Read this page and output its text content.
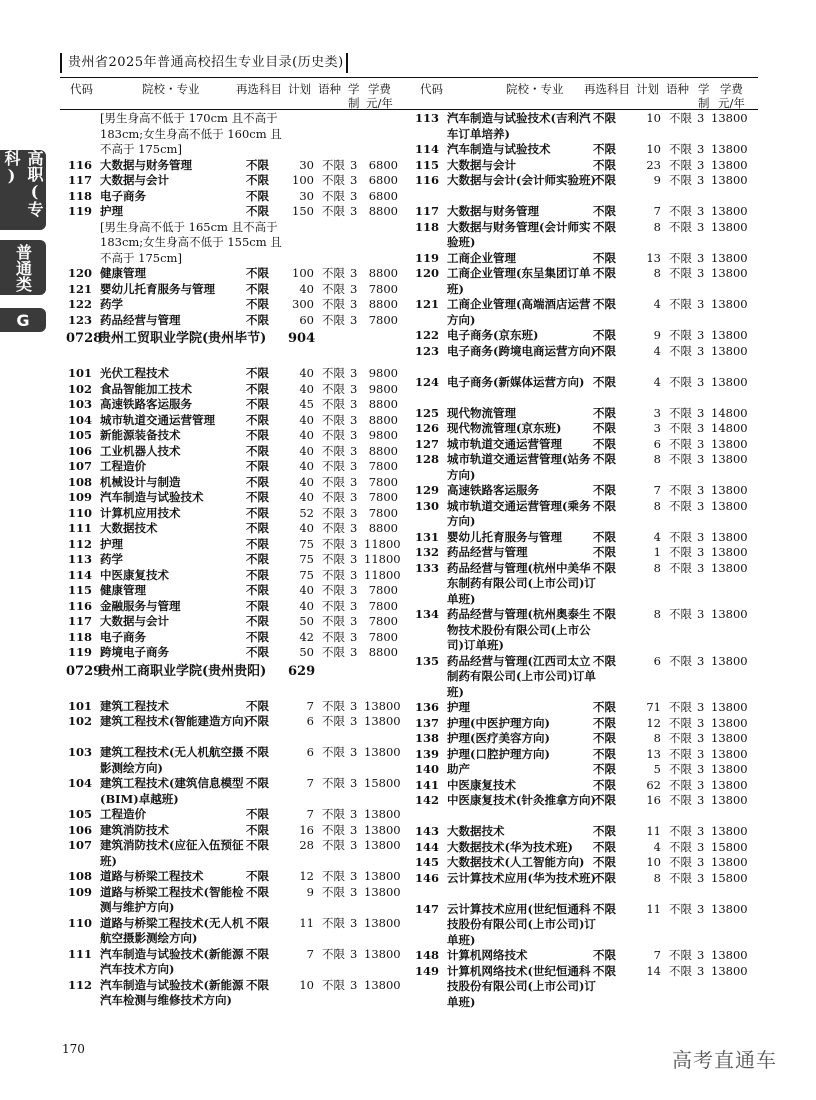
贵州省2025年普通高校招生专业目录(历史类)
代码	院校・专业	再选科目 计划 语种 学
制
学费
元/年
代码	院校・专业 再选科目 计划 语种 学
制
学费
元/年
高职(专科)
普通类
G
[男生身高不低于 170cm 且不高于 183cm;女生身高不低于 160cm 且不高于 175cm]
116 大数据与财务管理	不限	30 不限 3 6800
117 大数据与会计	不限	100 不限 3 6800
118 电子商务	不限	30 不限 3 6800
119 护理	不限	150 不限 3 8800
[男生身高不低于 165cm 且不高于 183cm;女生身高不低于 155cm 且不高于 175cm]
120 健康管理	不限	100 不限 3 8800
121 婴幼儿托育服务与管理	不限	40 不限 3 7800
122 药学	不限	300 不限 3 8800
123 药品经营与管理	不限	60 不限 3 7800
0728
贵州工贸职业学院(贵州毕节)	904
101 光伏工程技术	不限	40 不限 3 9800
102 食品智能加工技术	不限	40 不限 3 9800
103 高速铁路客运服务	不限	45 不限 3 8800
104 城市轨道交通运营管理	不限	40 不限 3 8800
105 新能源装备技术	不限	40 不限 3 9800
106 工业机器人技术	不限	40 不限 3 8800
107 工程造价	不限	40 不限 3 7800
108 机械设计与制造	不限	40 不限 3 7800
109 汽车制造与试验技术	不限	40 不限 3 7800
110 计算机应用技术	不限	52 不限 3 7800
111 大数据技术	不限	40 不限 3 8800
112 护理	不限	75 不限 3 11800
113 药学	不限	75 不限 3 11800
114 中医康复技术	不限	75 不限 3 11800
115 健康管理	不限	40 不限 3 7800
116 金融服务与管理	不限	40 不限 3 7800
117 大数据与会计	不限	50 不限 3 7800
118 电子商务	不限	42 不限 3 7800
119 跨境电子商务	不限	50 不限 3 8800
0729
贵州工商职业学院(贵州贵阳)	629
101 建筑工程技术	不限	7 不限 3 13800
102 建筑工程技术(智能建造方向)
不限	6 不限 3 13800
103 建筑工程技术(无人机航空摄影测绘方向)
不限	6 不限 3 13800
104 建筑工程技术(建筑信息模型(BIM)卓越班)
不限	7 不限 3 15800
105 工程造价	不限	7 不限 3 13800
106 建筑消防技术	不限	16 不限 3 13800
107 建筑消防技术(应征入伍预征班)
不限	28 不限 3 13800
108 道路与桥梁工程技术	不限	12 不限 3 13800
109 道路与桥梁工程技术(智能检测与维护方向)
不限	9 不限 3 13800
110 道路与桥梁工程技术(无人机航空摄影测绘方向)
不限	11 不限 3 13800
111 汽车制造与试验技术(新能源汽车技术方向)
不限	7 不限 3 13800
112 汽车制造与试验技术(新能源汽车检测与维修技术方向)
不限	10 不限 3 13800
113 汽车制造与试验技术(吉利汽车订单培养)
不限	10 不限 3 13800
114 汽车制造与试验技术	不限	10 不限 3 13800
115 大数据与会计	不限	23 不限 3 13800
116 大数据与会计(会计师实验班)
不限	9 不限 3 13800
117 大数据与财务管理	不限	7 不限 3 13800
118 大数据与财务管理(会计师实验班)
不限	8 不限 3 13800
119 工商企业管理	不限	13 不限 3 13800
120 工商企业管理(东呈集团订单班)
不限	8 不限 3 13800
121 工商企业管理(高端酒店运营方向)
不限	4 不限 3 13800
122 电子商务(京东班)	不限	9 不限 3 13800
123 电子商务(跨境电商运营方向)
不限	4 不限 3 13800
124 电子商务(新媒体运营方向) 不限	4 不限 3 13800
125 现代物流管理	不限	3 不限 3 14800
126 现代物流管理(京东班)	不限	3 不限 3 14800
127 城市轨道交通运营管理	不限	6 不限 3 13800
128 城市轨道交通运营管理(站务方向)
不限	8 不限 3 13800
129 高速铁路客运服务	不限	7 不限 3 13800
130 城市轨道交通运营管理(乘务方向)
不限	8 不限 3 13800
131 婴幼儿托育服务与管理	不限	4 不限 3 13800
132 药品经营与管理	不限	1 不限 3 13800
133 药品经营与管理(杭州中美华东制药有限公司(上市公司)订单班)
不限	8 不限 3 13800
134 药品经营与管理(杭州奥泰生物技术股份有限公司(上市公司)订单班)
不限	8 不限 3 13800
135 药品经营与管理(江西司太立制药有限公司(上市公司)订单班)
不限	6 不限 3 13800
136 护理	不限	71 不限 3 13800
137 护理(中医护理方向)	不限	12 不限 3 13800
138 护理(医疗美容方向)	不限	8 不限 3 13800
139 护理(口腔护理方向)	不限	13 不限 3 13800
140 助产	不限	5 不限 3 13800
141 中医康复技术	不限	62 不限 3 13800
142 中医康复技术(针灸推拿方向)
不限	16 不限 3 13800
143 大数据技术	不限	11 不限 3 13800
144 大数据技术(华为技术班)	不限	4 不限 3 15800
145 大数据技术(人工智能方向) 不限	10 不限 3 13800
146 云计算技术应用(华为技术班)
不限	8 不限 3 15800
147 云计算技术应用(世纪恒通科技股份有限公司(上市公司)订单班)
不限	11 不限 3 13800
148 计算机网络技术	不限	7 不限 3 13800
149 计算机网络技术(世纪恒通科技股份有限公司(上市公司)订单班)
不限	14 不限 3 13800
170	高考直通车
